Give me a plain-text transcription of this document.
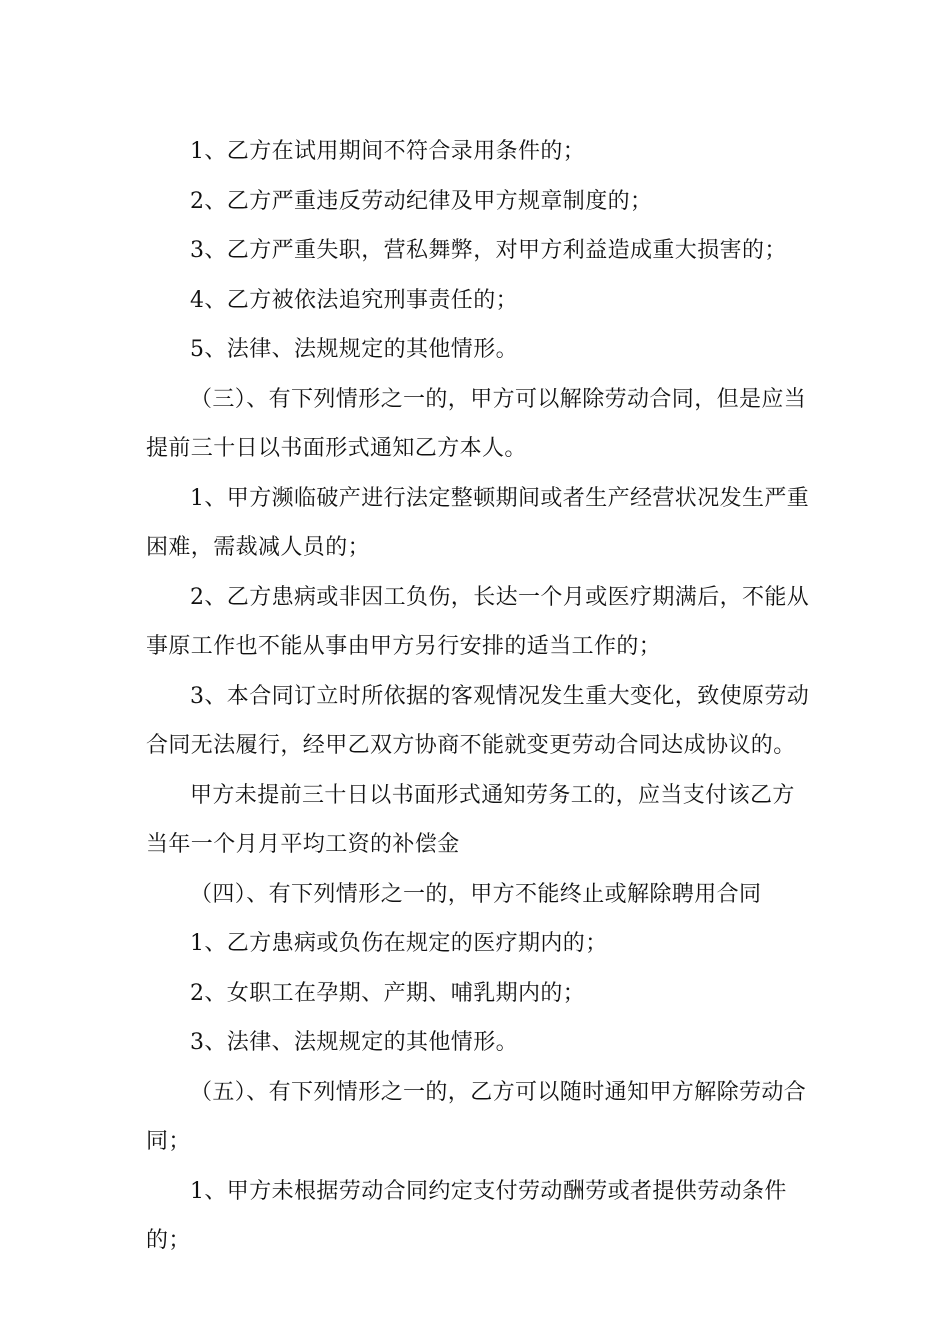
1、乙方在试用期间不符合录用条件的；

2、乙方严重违反劳动纪律及甲方规章制度的；

3、乙方严重失职，营私舞弊，对甲方利益造成重大损害的；

4、乙方被依法追究刑事责任的；

5、法律、法规规定的其他情形。

（三）、有下列情形之一的，甲方可以解除劳动合同，但是应当提前三十日以书面形式通知乙方本人。

1、甲方濒临破产进行法定整顿期间或者生产经营状况发生严重困难，需裁减人员的；

2、乙方患病或非因工负伤，长达一个月或医疗期满后，不能从事原工作也不能从事由甲方另行安排的适当工作的；

3、本合同订立时所依据的客观情况发生重大变化，致使原劳动合同无法履行，经甲乙双方协商不能就变更劳动合同达成协议的。

甲方未提前三十日以书面形式通知劳务工的，应当支付该乙方当年一个月月平均工资的补偿金

（四）、有下列情形之一的，甲方不能终止或解除聘用合同

1、乙方患病或负伤在规定的医疗期内的；

2、女职工在孕期、产期、哺乳期内的；

3、法律、法规规定的其他情形。

（五）、有下列情形之一的，乙方可以随时通知甲方解除劳动合同；

1、甲方未根据劳动合同约定支付劳动酬劳或者提供劳动条件的；
